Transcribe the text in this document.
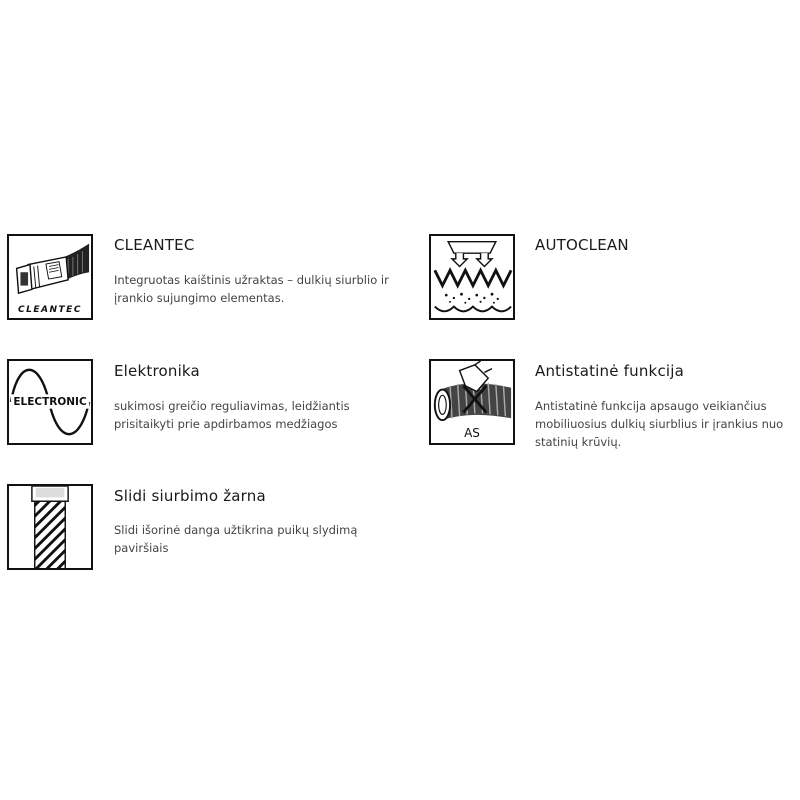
CLEANTEC
CLEANTEC
Integruotas kaištinis užraktas – dulkių siurblio ir įrankio sujungimo elementas.
AUTOCLEAN
ELECTRONIC
Elektronika
sukimosi greičio reguliavimas, leidžiantis prisitaikyti prie apdirbamos medžiagos
AS
Antistatinė funkcija
Antistatinė funkcija apsaugo veikiančius mobiliuosius dulkių siurblius ir įrankius nuo statinių krūvių.
Slidi siurbimo žarna
Slidi išorinė danga užtikrina puikų slydimą paviršiais
